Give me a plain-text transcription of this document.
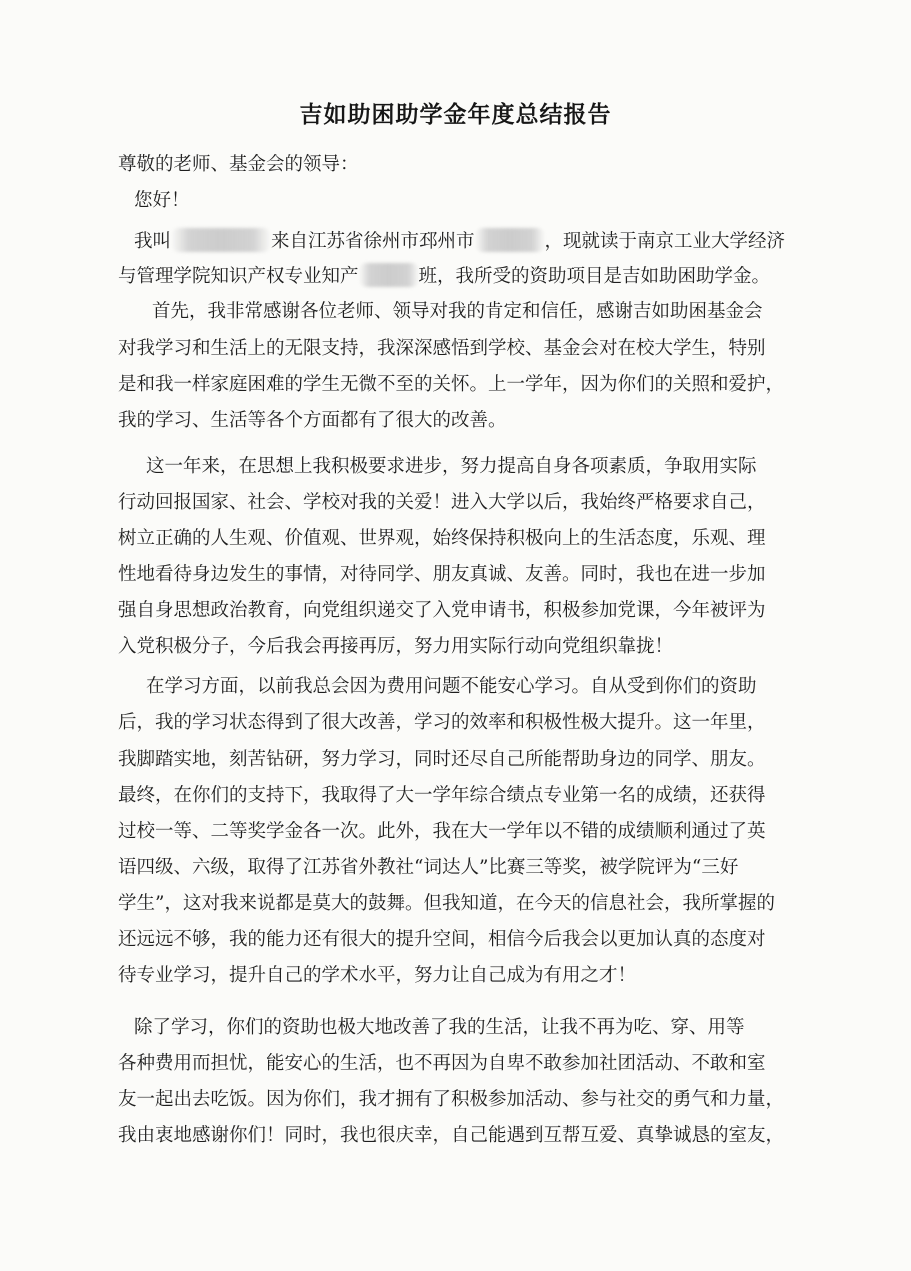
吉如助困助学金年度总结报告

尊敬的老师、基金会的领导：

您好！

我叫	来自江苏省徐州市邳州市	，现就读于南京工业大学经济

与管理学院知识产权专业知产	班，我所受的资助项目是吉如助困助学金。

首先，我非常感谢各位老师、领导对我的肯定和信任，感谢吉如助困基金会

对我学习和生活上的无限支持，我深深感悟到学校、基金会对在校大学生，特别

是和我一样家庭困难的学生无微不至的关怀。上一学年，因为你们的关照和爱护，

我的学习、生活等各个方面都有了很大的改善。

这一年来，在思想上我积极要求进步，努力提高自身各项素质，争取用实际

行动回报国家、社会、学校对我的关爱！进入大学以后，我始终严格要求自己，

树立正确的人生观、价值观、世界观，始终保持积极向上的生活态度，乐观、理

性地看待身边发生的事情，对待同学、朋友真诚、友善。同时，我也在进一步加

强自身思想政治教育，向党组织递交了入党申请书，积极参加党课，今年被评为

入党积极分子，今后我会再接再厉，努力用实际行动向党组织靠拢！

在学习方面，以前我总会因为费用问题不能安心学习。自从受到你们的资助

后，我的学习状态得到了很大改善，学习的效率和积极性极大提升。这一年里，

我脚踏实地，刻苦钻研，努力学习，同时还尽自己所能帮助身边的同学、朋友。

最终，在你们的支持下，我取得了大一学年综合绩点专业第一名的成绩，还获得

过校一等、二等奖学金各一次。此外，我在大一学年以不错的成绩顺利通过了英

语四级、六级，取得了江苏省外教社“词达人”比赛三等奖，被学院评为“三好

学生”，这对我来说都是莫大的鼓舞。但我知道，在今天的信息社会，我所掌握的

还远远不够，我的能力还有很大的提升空间，相信今后我会以更加认真的态度对

待专业学习，提升自己的学术水平，努力让自己成为有用之才！

除了学习，你们的资助也极大地改善了我的生活，让我不再为吃、穿、用等

各种费用而担忧，能安心的生活，也不再因为自卑不敢参加社团活动、不敢和室

友一起出去吃饭。因为你们，我才拥有了积极参加活动、参与社交的勇气和力量，

我由衷地感谢你们！同时，我也很庆幸，自己能遇到互帮互爱、真挚诚恳的室友，
